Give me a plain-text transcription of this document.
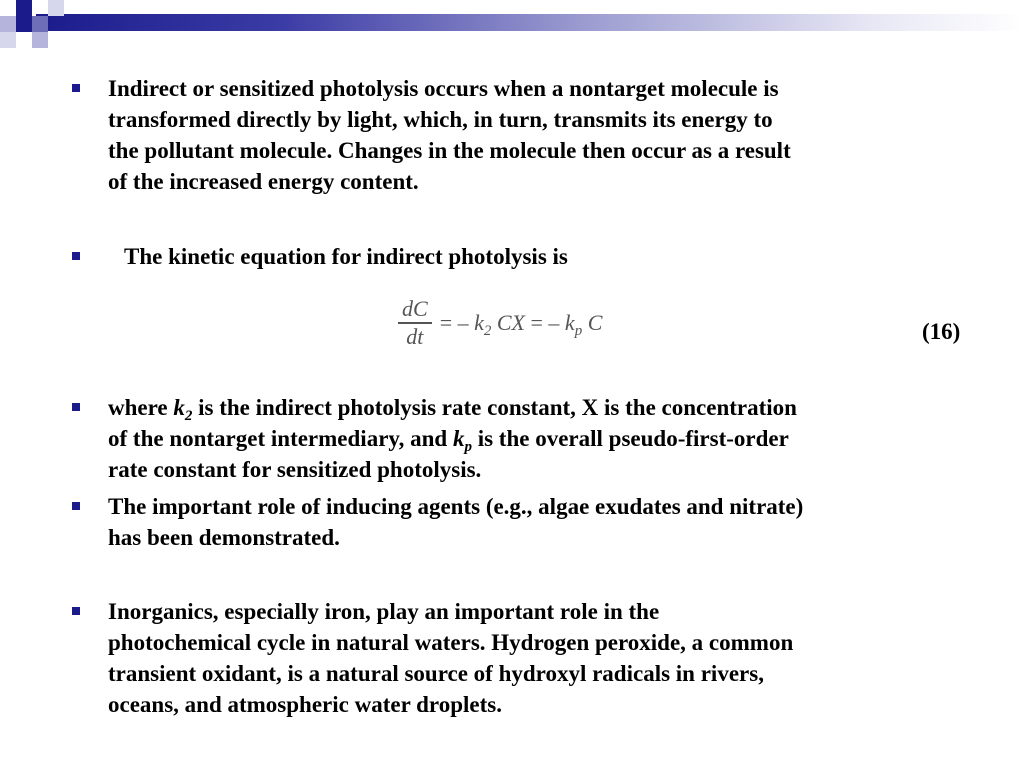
Indirect or sensitized photolysis occurs when a nontarget molecule is
transformed directly by light, which, in turn, transmits its energy to
the pollutant molecule. Changes in the molecule then occur as a result
of the increased energy content.
The kinetic equation for indirect photolysis is
$\frac{dC}{dt}$ = – $k_2$ CX = – $k_p$ C	(16)
where $k_2$ is the indirect photolysis rate constant, X is the concentration
of the nontarget intermediary, and $k_p$ is the overall pseudo-first-order
rate constant for sensitized photolysis.
The important role of inducing agents (e.g., algae exudates and nitrate)
has been demonstrated.
Inorganics, especially iron, play an important role in the
photochemical cycle in natural waters. Hydrogen peroxide, a common
transient oxidant, is a natural source of hydroxyl radicals in rivers,
oceans, and atmospheric water droplets.
